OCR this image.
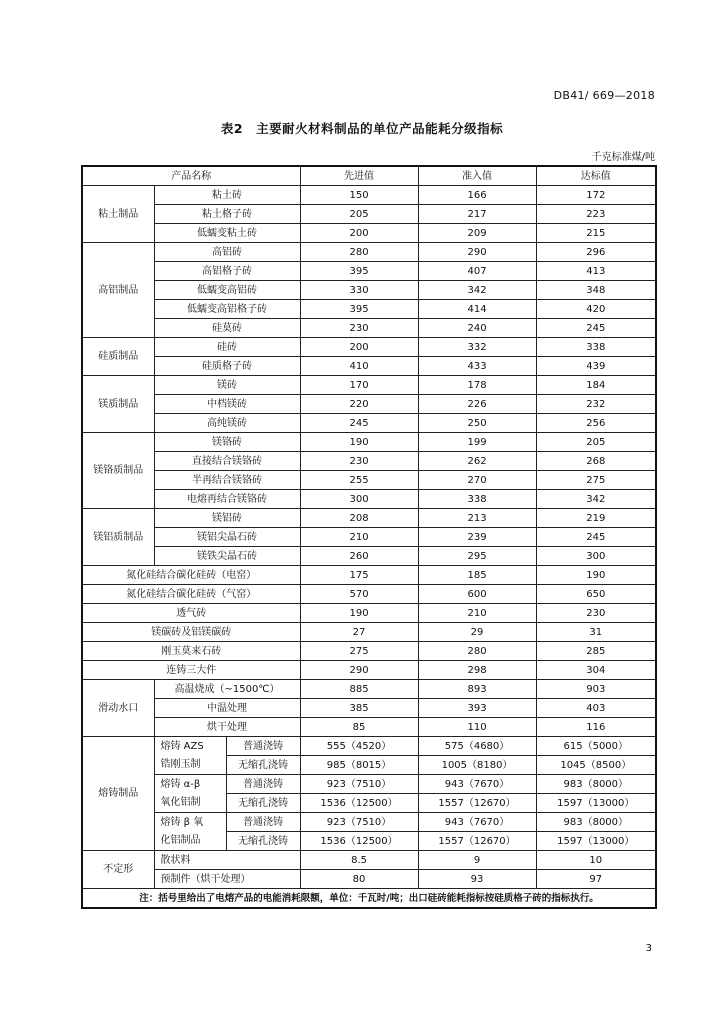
DB41/ 669—2018
表2　主要耐火材料制品的单位产品能耗分级指标
千克标准煤/吨
产品名称			先进值	准入值	达标值
粘土制品	粘土砖		150	166	172
	粘土格子砖		205	217	223
	低蠕变粘土砖		200	209	215
高铝制品	高铝砖		280	290	296
	高铝格子砖		395	407	413
	低蠕变高铝砖		330	342	348
	低蠕变高铝格子砖		395	414	420
	硅莫砖		230	240	245
硅质制品	硅砖		200	332	338
	硅质格子砖		410	433	439
镁质制品	镁砖		170	178	184
	中档镁砖		220	226	232
	高纯镁砖		245	250	256
镁铬质制品	镁铬砖		190	199	205
	直接结合镁铬砖		230	262	268
	半再结合镁铬砖		255	270	275
	电熔再结合镁铬砖		300	338	342
镁铝质制品	镁铝砖		208	213	219
	镁铝尖晶石砖		210	239	245
	镁铁尖晶石砖		260	295	300
氮化硅结合碳化硅砖（电窑）			175	185	190
氮化硅结合碳化硅砖（气窑）			570	600	650
透气砖			190	210	230
镁碳砖及铝镁碳砖			27	29	31
刚玉莫来石砖			275	280	285
连铸三大件			290	298	304
滑动水口	高温烧成（~1500℃）		885	893	903
	中温处理		385	393	403
	烘干处理		85	110	116
熔铸制品	熔铸 AZS	普通浇铸	555（4520）	575（4680）	615（5000）
	锆刚玉制	无缩孔浇铸	985（8015）	1005（8180）	1045（8500）
	熔铸 α-β	普通浇铸	923（7510）	943（7670）	983（8000）
	氧化铝制	无缩孔浇铸	1536（12500）	1557（12670）	1597（13000）
	熔铸 β 氧	普通浇铸	923（7510）	943（7670）	983（8000）
	化铝制品	无缩孔浇铸	1536（12500）	1557（12670）	1597（13000）
不定形	散状料		8.5	9	10
	预制件（烘干处理）		80	93	97
注：括号里给出了电熔产品的电能消耗限额，单位：千瓦时/吨；出口硅砖能耗指标按硅质格子砖的指标执行。					
3
